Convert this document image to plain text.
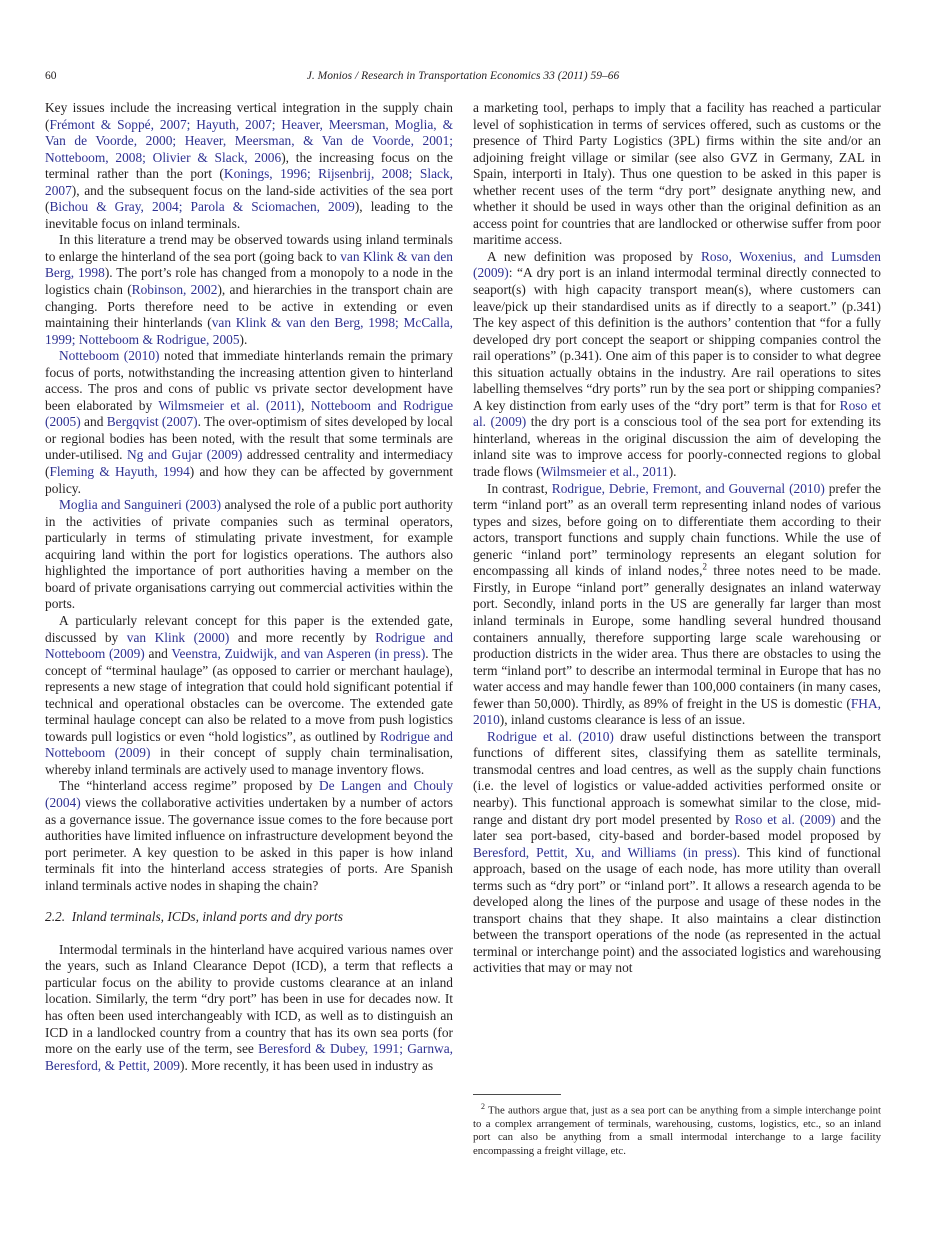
60	J. Monios / Research in Transportation Economics 33 (2011) 59–66

Key issues include the increasing vertical integration in the supply chain (Frémont & Soppé, 2007; Hayuth, 2007; Heaver, Meersman, Moglia, & Van de Voorde, 2000; Heaver, Meersman, & Van de Voorde, 2001; Notteboom, 2008; Olivier & Slack, 2006), the increasing focus on the terminal rather than the port (Konings, 1996; Rijsenbrij, 2008; Slack, 2007), and the subsequent focus on the land-side activities of the sea port (Bichou & Gray, 2004; Parola & Sciomachen, 2009), leading to the inevitable focus on inland terminals.

In this literature a trend may be observed towards using inland terminals to enlarge the hinterland of the sea port (going back to van Klink & van den Berg, 1998). The port’s role has changed from a monopoly to a node in the logistics chain (Robinson, 2002), and hierarchies in the transport chain are changing. Ports therefore need to be active in extending or even maintaining their hinterlands (van Klink & van den Berg, 1998; McCalla, 1999; Notteboom & Rodrigue, 2005).

Notteboom (2010) noted that immediate hinterlands remain the primary focus of ports, notwithstanding the increasing attention given to hinterland access. The pros and cons of public vs private sector development have been elaborated by Wilmsmeier et al. (2011), Notteboom and Rodrigue (2005) and Bergqvist (2007). The over-optimism of sites developed by local or regional bodies has been noted, with the result that some terminals are under-utilised. Ng and Gujar (2009) addressed centrality and intermediacy (Fleming & Hayuth, 1994) and how they can be affected by government policy.

Moglia and Sanguineri (2003) analysed the role of a public port authority in the activities of private companies such as terminal operators, particularly in terms of stimulating private investment, for example acquiring land within the port for logistics operations. The authors also highlighted the importance of port authorities having a member on the board of private organisations carrying out commercial activities within the ports.

A particularly relevant concept for this paper is the extended gate, discussed by van Klink (2000) and more recently by Rodrigue and Notteboom (2009) and Veenstra, Zuidwijk, and van Asperen (in press). The concept of “terminal haulage” (as opposed to carrier or merchant haulage), represents a new stage of integration that could hold significant potential if technical and operational obstacles can be overcome. The extended gate terminal haulage concept can also be related to a move from push logistics towards pull logistics or even “hold logistics”, as outlined by Rodrigue and Notteboom (2009) in their concept of supply chain terminalisation, whereby inland terminals are actively used to manage inventory flows.

The “hinterland access regime” proposed by De Langen and Chouly (2004) views the collaborative activities undertaken by a number of actors as a governance issue. The governance issue comes to the fore because port authorities have limited influence on infrastructure development beyond the port perimeter. A key question to be asked in this paper is how inland terminals fit into the hinterland access strategies of ports. Are Spanish inland terminals active nodes in shaping the chain?

2.2. Inland terminals, ICDs, inland ports and dry ports

Intermodal terminals in the hinterland have acquired various names over the years, such as Inland Clearance Depot (ICD), a term that reflects a particular focus on the ability to provide customs clearance at an inland location. Similarly, the term “dry port” has been in use for decades now. It has often been used interchangeably with ICD, as well as to distinguish an ICD in a landlocked country from a country that has its own sea ports (for more on the early use of the term, see Beresford & Dubey, 1991; Garnwa, Beresford, & Pettit, 2009). More recently, it has been used in industry as

a marketing tool, perhaps to imply that a facility has reached a particular level of sophistication in terms of services offered, such as customs or the presence of Third Party Logistics (3PL) firms within the site and/or an adjoining freight village or similar (see also GVZ in Germany, ZAL in Spain, interporti in Italy). Thus one question to be asked in this paper is whether recent uses of the term “dry port” designate anything new, and whether it should be used in ways other than the original definition as an access point for countries that are landlocked or otherwise suffer from poor maritime access.

A new definition was proposed by Roso, Woxenius, and Lumsden (2009): “A dry port is an inland intermodal terminal directly connected to seaport(s) with high capacity transport mean(s), where customers can leave/pick up their standardised units as if directly to a seaport.” (p.341) The key aspect of this definition is the authors’ contention that “for a fully developed dry port concept the seaport or shipping companies control the rail operations” (p.341). One aim of this paper is to consider to what degree this situation actually obtains in the industry. Are rail operations to sites labelling themselves “dry ports” run by the sea port or shipping companies? A key distinction from early uses of the “dry port” term is that for Roso et al. (2009) the dry port is a conscious tool of the sea port for extending its hinterland, whereas in the original discussion the aim of developing the inland site was to improve access for poorly-connected regions to global trade flows (Wilmsmeier et al., 2011).

In contrast, Rodrigue, Debrie, Fremont, and Gouvernal (2010) prefer the term “inland port” as an overall term representing inland nodes of various types and sizes, before going on to differentiate them according to their actors, transport functions and supply chain functions. While the use of generic “inland port” terminology represents an elegant solution for encompassing all kinds of inland nodes,$^2$ three notes need to be made. Firstly, in Europe “inland port” generally designates an inland waterway port. Secondly, inland ports in the US are generally far larger than most inland terminals in Europe, some handling several hundred thousand containers annually, therefore supporting large scale warehousing or production districts in the wider area. Thus there are obstacles to using the term “inland port” to describe an intermodal terminal in Europe that has no water access and may handle fewer than 100,000 containers (in many cases, fewer than 50,000). Thirdly, as 89% of freight in the US is domestic (FHA, 2010), inland customs clearance is less of an issue.

Rodrigue et al. (2010) draw useful distinctions between the transport functions of different sites, classifying them as satellite terminals, transmodal centres and load centres, as well as the supply chain functions (i.e. the level of logistics or value-added activities performed onsite or nearby). This functional approach is somewhat similar to the close, mid-range and distant dry port model presented by Roso et al. (2009) and the later sea port-based, city-based and border-based model proposed by Beresford, Pettit, Xu, and Williams (in press). This kind of functional approach, based on the usage of each node, has more utility than overall terms such as “dry port” or “inland port”. It allows a research agenda to be developed along the lines of the purpose and usage of these nodes in the transport chains that they shape. It also maintains a clear distinction between the transport operations of the node (as represented in the actual terminal or interchange point) and the associated logistics and warehousing activities that may or may not

$^2$ The authors argue that, just as a sea port can be anything from a simple interchange point to a complex arrangement of terminals, warehousing, customs, logistics, etc., so an inland port can also be anything from a small intermodal interchange to a large facility encompassing a freight village, etc.
